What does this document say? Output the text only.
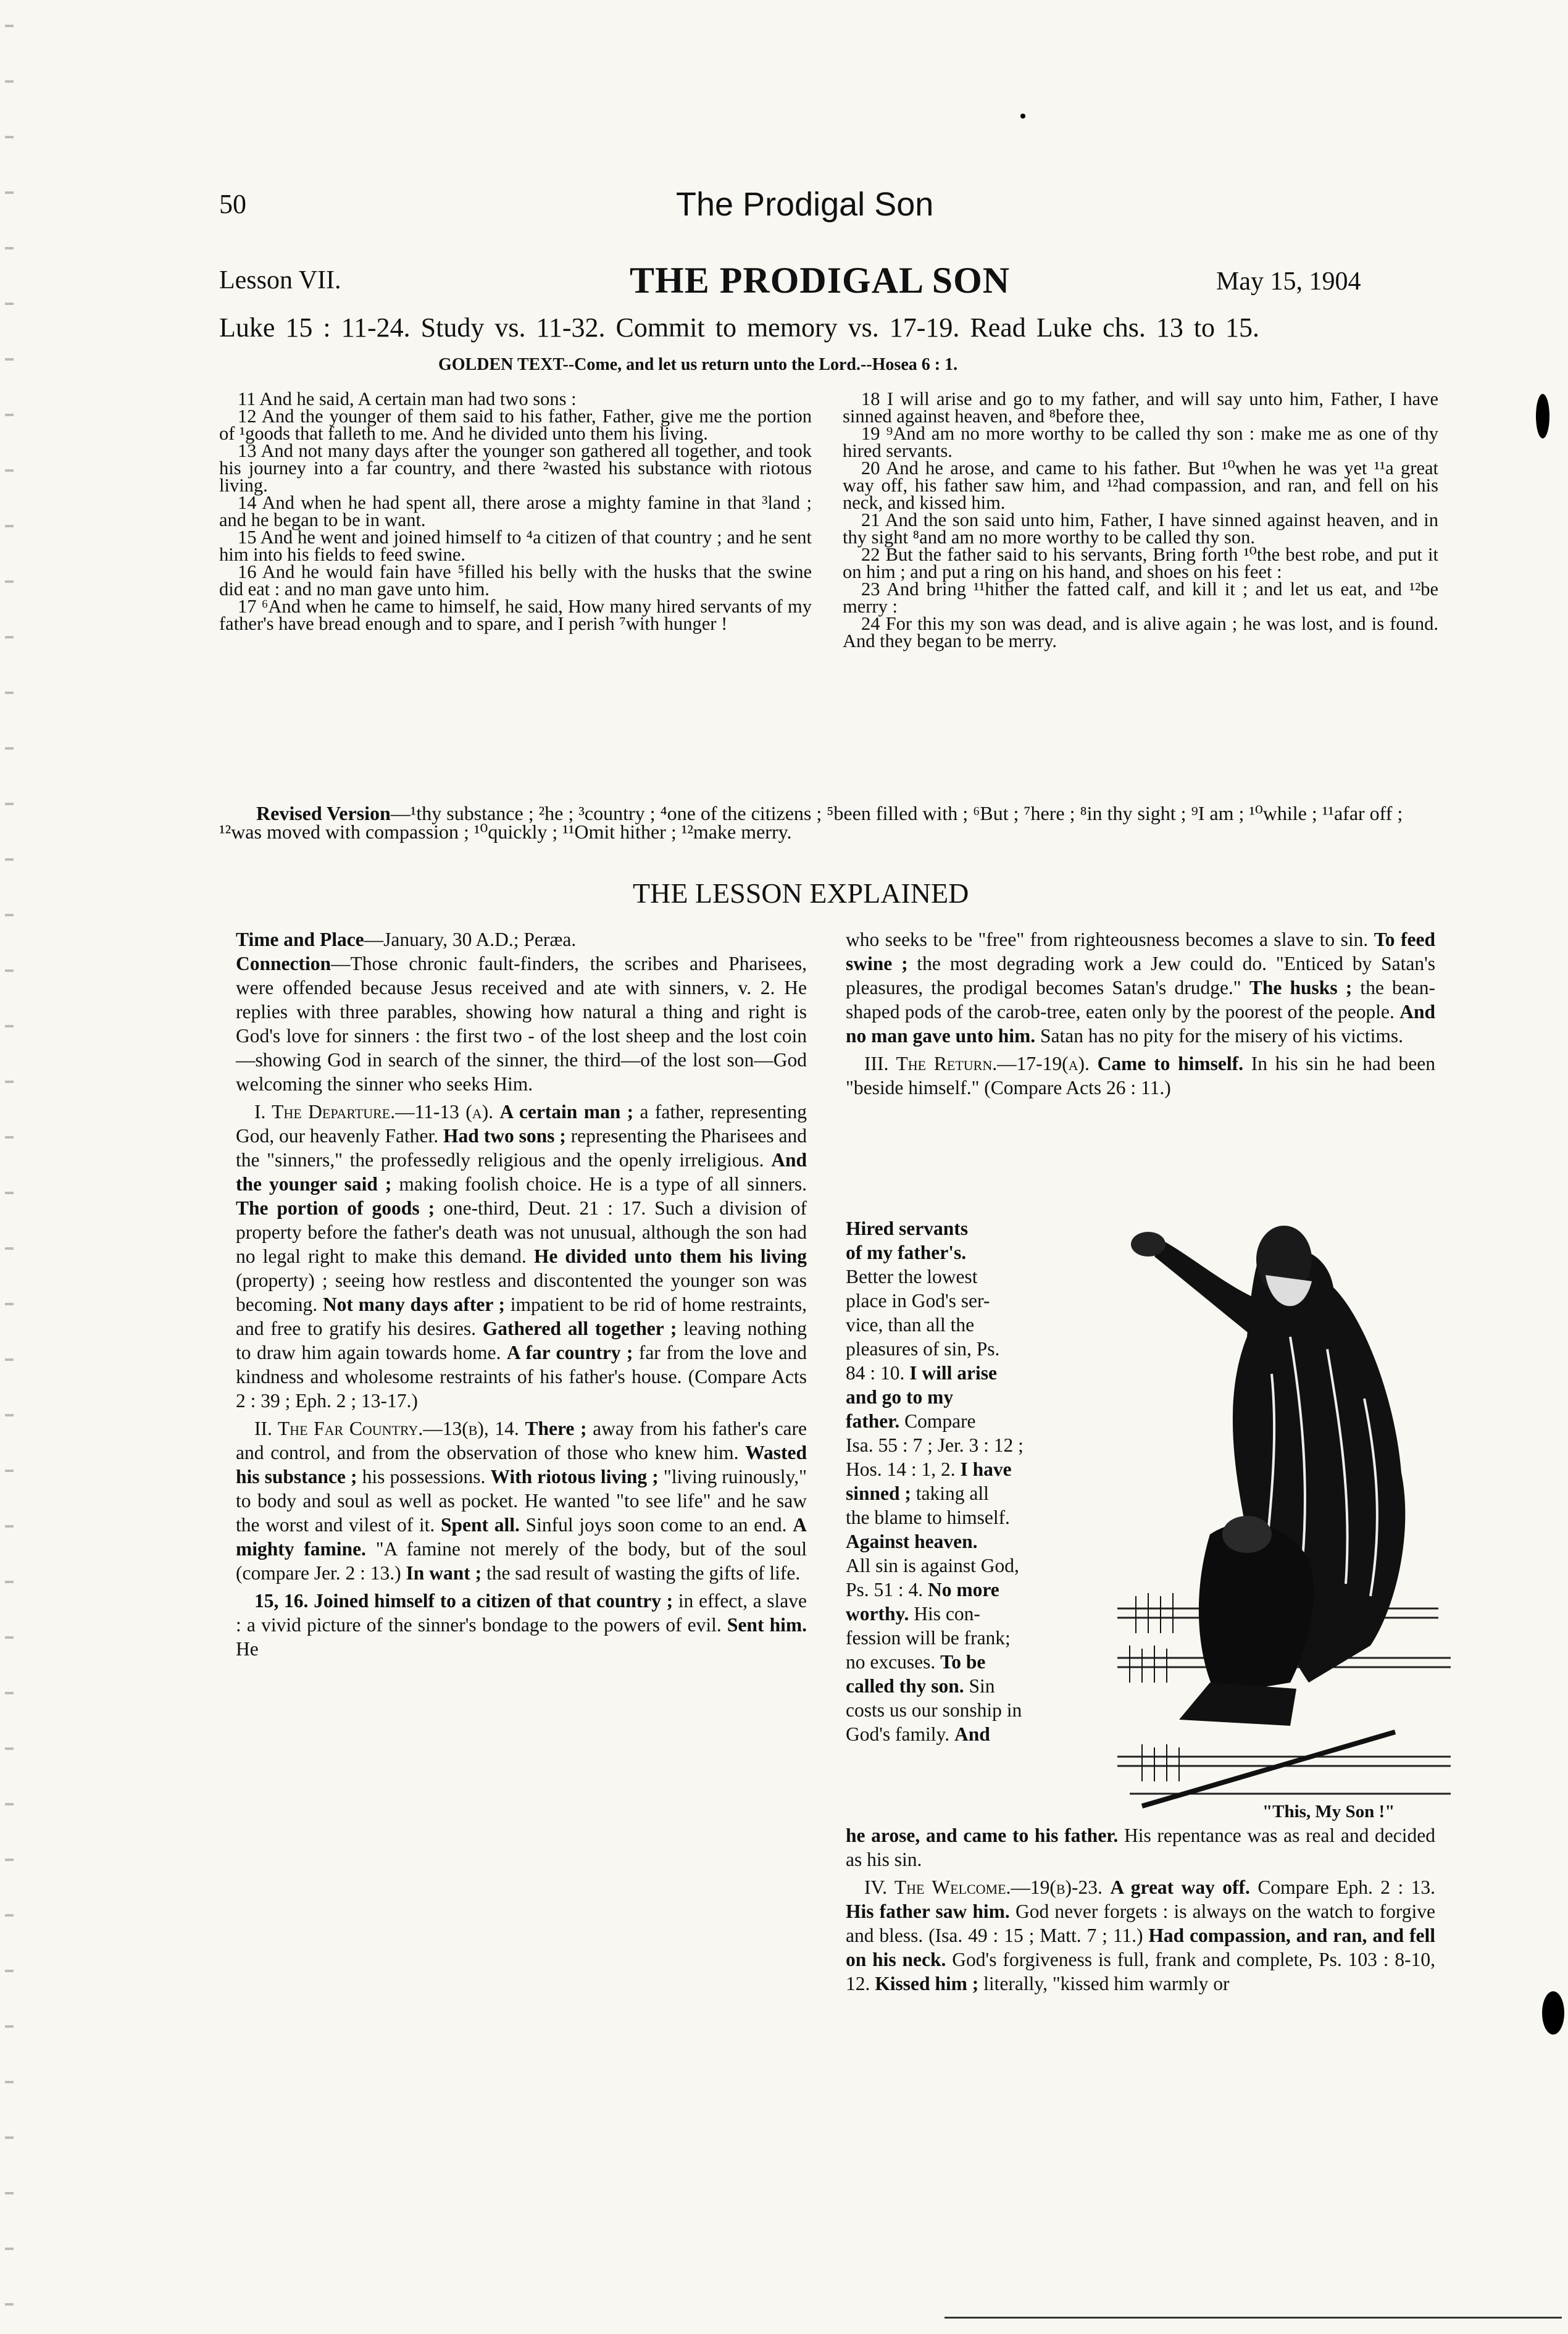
50	The Prodigal Son
Lesson VII.	THE PRODIGAL SON	May 15, 1904
Luke 15 : 11-24. Study vs. 11-32. Commit to memory vs. 17-19. Read Luke chs. 13 to 15.
GOLDEN TEXT--Come, and let us return unto the Lord.--Hosea 6 : 1.

11 And he said, A certain man had two sons :

12 And the younger of them said to his father, Father, give me the portion of ¹goods that falleth to me. And he divided unto them his living.

13 And not many days after the younger son gathered all together, and took his journey into a far country, and there ²wasted his substance with riotous living.

14 And when he had spent all, there arose a mighty famine in that ³land ; and he began to be in want.

15 And he went and joined himself to ⁴a citizen of that country ; and he sent him into his fields to feed swine.

16 And he would fain have ⁵filled his belly with the husks that the swine did eat : and no man gave unto him.

17 ⁶And when he came to himself, he said, How many hired servants of my father's have bread enough and to spare, and I perish ⁷with hunger !

18 I will arise and go to my father, and will say unto him, Father, I have sinned against heaven, and ⁸before thee,

19 ⁹And am no more worthy to be called thy son : make me as one of thy hired servants.

20 And he arose, and came to his father. But ¹⁰when he was yet ¹¹a great way off, his father saw him, and ¹²had compassion, and ran, and fell on his neck, and kissed him.

21 And the son said unto him, Father, I have sinned against heaven, and in thy sight ⁸and am no more worthy to be called thy son.

22 But the father said to his servants, Bring forth ¹⁰the best robe, and put it on him ; and put a ring on his hand, and shoes on his feet :

23 And bring ¹¹hither the fatted calf, and kill it ; and let us eat, and ¹²be merry :

24 For this my son was dead, and is alive again ; he was lost, and is found. And they began to be merry.

Revised Version—¹thy substance ; ²he ; ³country ; ⁴one of the citizens ; ⁵been filled with ; ⁶But ; ⁷here ; ⁸in thy sight ; ⁹I am ; ¹⁰while ; ¹¹afar off ; ¹²was moved with compassion ; ¹⁰quickly ; ¹¹Omit hither ; ¹²make merry.
THE LESSON EXPLAINED

Time and Place—January, 30 A.D.; Peræa.

Connection—Those chronic fault-finders, the scribes and Pharisees, were offended because Jesus received and ate with sinners, v. 2. He replies with three parables, showing how natural a thing and right is God's love for sinners : the first two - of the lost sheep and the lost coin—showing God in search of the sinner, the third—of the lost son—God welcoming the sinner who seeks Him.

I. The Departure.—11-13 (a). A certain man ; a father, representing God, our heavenly Father. Had two sons ; representing the Pharisees and the "sinners," the professedly religious and the openly irreligious. And the younger said ; making foolish choice. He is a type of all sinners. The portion of goods ; one-third, Deut. 21 : 17. Such a division of property before the father's death was not unusual, although the son had no legal right to make this demand. He divided unto them his living (property) ; seeing how restless and discontented the younger son was becoming. Not many days after ; impatient to be rid of home restraints, and free to gratify his desires. Gathered all together ; leaving nothing to draw him again towards home. A far country ; far from the love and kindness and wholesome restraints of his father's house. (Compare Acts 2 : 39 ; Eph. 2 ; 13-17.)

II. The Far Country.—13(b), 14. There ; away from his father's care and control, and from the observation of those who knew him. Wasted his substance ; his possessions. With riotous living ; "living ruinously," to body and soul as well as pocket. He wanted "to see life" and he saw the worst and vilest of it. Spent all. Sinful joys soon come to an end. A mighty famine. "A famine not merely of the body, but of the soul (compare Jer. 2 : 13.) In want ; the sad result of wasting the gifts of life.

15, 16. Joined himself to a citizen of that country ; in effect, a slave : a vivid picture of the sinner's bondage to the powers of evil. Sent him. He

who seeks to be "free" from righteousness becomes a slave to sin. To feed swine ; the most degrading work a Jew could do. "Enticed by Satan's pleasures, the prodigal becomes Satan's drudge." The husks ; the bean-shaped pods of the carob-tree, eaten only by the poorest of the people. And no man gave unto him. Satan has no pity for the misery of his victims.

III. The Return.—17-19(a). Came to himself. In his sin he had been "beside himself." (Compare Acts 26 : 11.)

Hired servants
of my father's.
Better the lowest
place in God's ser-
vice, than all the
pleasures of sin, Ps.
84 : 10. I will arise
and go to my
father. Compare
Isa. 55 : 7 ; Jer. 3 : 12 ;
Hos. 14 : 1, 2. I have
sinned ; taking all
the blame to himself.
Against heaven.
All sin is against God,
Ps. 51 : 4. No more
worthy. His con-
fession will be frank;
no excuses. To be
called thy son. Sin
costs us our sonship in
God's family. And
"This, My Son !"

he arose, and came to his father. His repentance was as real and decided as his sin.

IV. The Welcome.—19(b)-23. A great way off. Compare Eph. 2 : 13. His father saw him. God never forgets : is always on the watch to forgive and bless. (Isa. 49 : 15 ; Matt. 7 ; 11.) Had compassion, and ran, and fell on his neck. God's forgiveness is full, frank and complete, Ps. 103 : 8-10, 12. Kissed him ; literally, "kissed him warmly or
